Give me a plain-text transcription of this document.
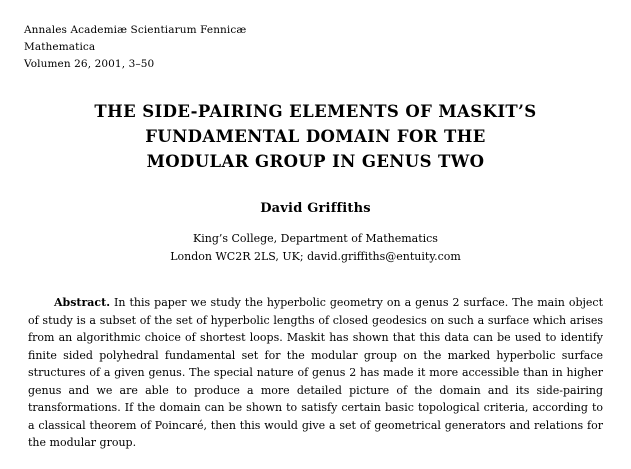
Annales Academiæ Scientiarum Fennicæ
Mathematica
Volumen 26, 2001, 3–50
THE SIDE-PAIRING ELEMENTS OF MASKIT’S
FUNDAMENTAL DOMAIN FOR THE
MODULAR GROUP IN GENUS TWO
David Griffiths
King’s College, Department of Mathematics
London WC2R 2LS, UK; david.griffiths@entuity.com
Abstract. In this paper we study the hyperbolic geometry on a genus 2 surface. The main object of study is a subset of the set of hyperbolic lengths of closed geodesics on such a surface which arises from an algorithmic choice of shortest loops. Maskit has shown that this data can be used to identify finite sided polyhedral fundamental set for the modular group on the marked hyperbolic surface structures of a given genus. The special nature of genus 2 has made it more accessible than in higher genus and we are able to produce a more detailed picture of the domain and its side-pairing transformations. If the domain can be shown to satisfy certain basic topological criteria, according to a classical theorem of Poincaré, then this would give a set of geometrical generators and relations for the modular group.
